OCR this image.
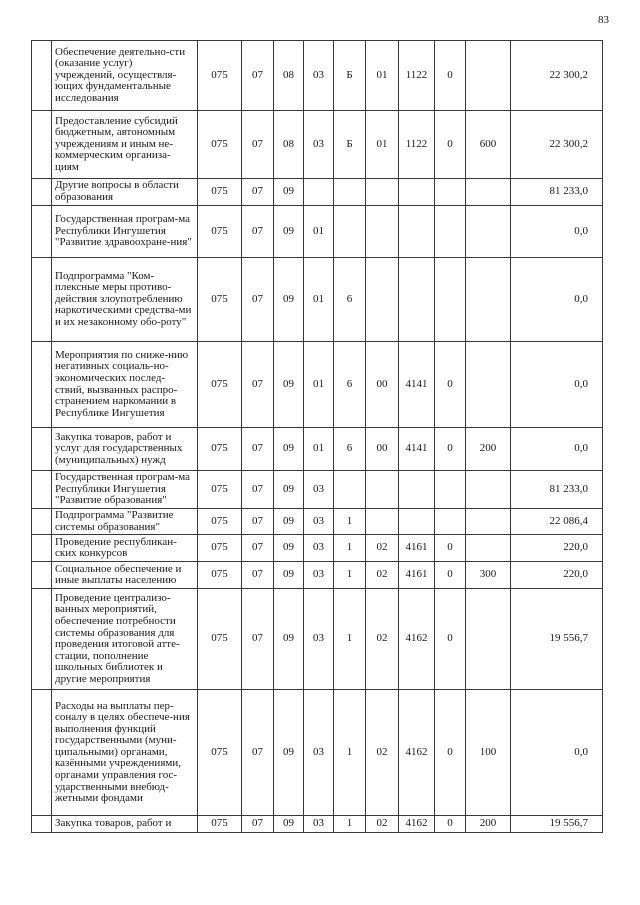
83
	Обеспечение деятельно-сти (оказание услуг) учреждений, осуществля-ющих фундаментальные исследования	075	07	08	03	Б	01	1122	0		22 300,2
	Предоставление субсидий бюджетным, автономным учреждениям и иным не-коммерческим организа-циям	075	07	08	03	Б	01	1122	0	600	22 300,2
	Другие вопросы в области образования	075	07	09							81 233,0
	Государственная програм-ма Республики Ингушетия "Развитие здравоохране-ния"	075	07	09	01						0,0
	Подпрограмма "Ком-плексные меры противо-действия злоупотреблению наркотическими средства-ми и их незаконному обо-роту"	075	07	09	01	6					0,0
	Мероприятия по сниже-нию негативных социаль-но-экономических послед-ствий, вызванных распро-странением наркомании в Республике Ингушетия	075	07	09	01	6	00	4141	0		0,0
	Закупка товаров, работ и услуг для государственных (муниципальных) нужд	075	07	09	01	6	00	4141	0	200	0,0
	Государственная програм-ма Республики Ингушетия "Развитие образования"	075	07	09	03						81 233,0
	Подпрограмма "Развитие системы образования"	075	07	09	03	1					22 086,4
	Проведение республикан-ских конкурсов	075	07	09	03	1	02	4161	0		220,0
	Социальное обеспечение и иные выплаты населению	075	07	09	03	1	02	4161	0	300	220,0
	Проведение централизо-ванных мероприятий, обеспечение потребности системы образования для проведения итоговой атте-стации, пополнение школьных библиотек и другие мероприятия	075	07	09	03	1	02	4162	0		19 556,7
	Расходы на выплаты пер-соналу в целях обеспече-ния выполнения функций государственными (муни-ципальными) органами, казёнными учреждениями, органами управления гос-ударственными внебюд-жетными фондами	075	07	09	03	1	02	4162	0	100	0,0
	Закупка товаров, работ и	075	07	09	03	1	02	4162	0	200	19 556,7
